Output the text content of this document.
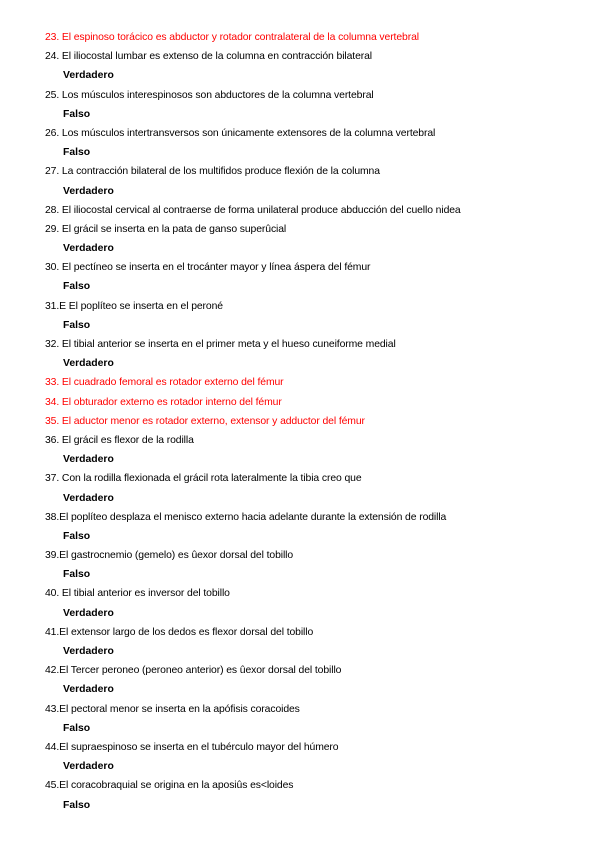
23. El espinoso torácico es abductor y rotador contralateral de la columna vertebral
24. El iliocostal lumbar es extenso de la columna en contracción bilateral
Verdadero
25. Los músculos interespinosos son abductores de la columna vertebral
Falso
26. Los músculos intertransversos son únicamente extensores de la columna vertebral
Falso
27. La contracción bilateral de los multifidos produce flexión de la columna
Verdadero
28. El iliocostal cervical al contraerse de forma unilateral produce abducción del cuello nidea
29. El grácil se inserta en la pata de ganso superûcial
Verdadero
30. El pectíneo se inserta en el trocánter mayor y línea áspera del fémur
Falso
31.E El poplíteo se inserta en el peroné
Falso
32. El tibial anterior se inserta en el primer meta y el hueso cuneiforme medial
Verdadero
33. El cuadrado femoral es rotador externo del fémur
34. El obturador externo es rotador interno del fémur
35. El aductor menor es rotador externo, extensor y adductor del fémur
36. El grácil es flexor de la rodilla
Verdadero
37. Con la rodilla flexionada el grácil rota lateralmente la tibia creo que
Verdadero
38.El poplíteo desplaza el menisco externo hacia adelante durante la extensión de rodilla
Falso
39.El gastrocnemio (gemelo) es ûexor dorsal del tobillo
Falso
40. El tibial anterior es inversor del tobillo
Verdadero
41.El extensor largo de los dedos es flexor dorsal del tobillo
Verdadero
42.El Tercer peroneo (peroneo anterior) es ûexor dorsal del tobillo
Verdadero
43.El pectoral menor se inserta en la apófisis coracoides
Falso
44.El supraespinoso se inserta en el tubérculo mayor del húmero
Verdadero
45.El coracobraquial se origina en la aposiûs es<loides
Falso
